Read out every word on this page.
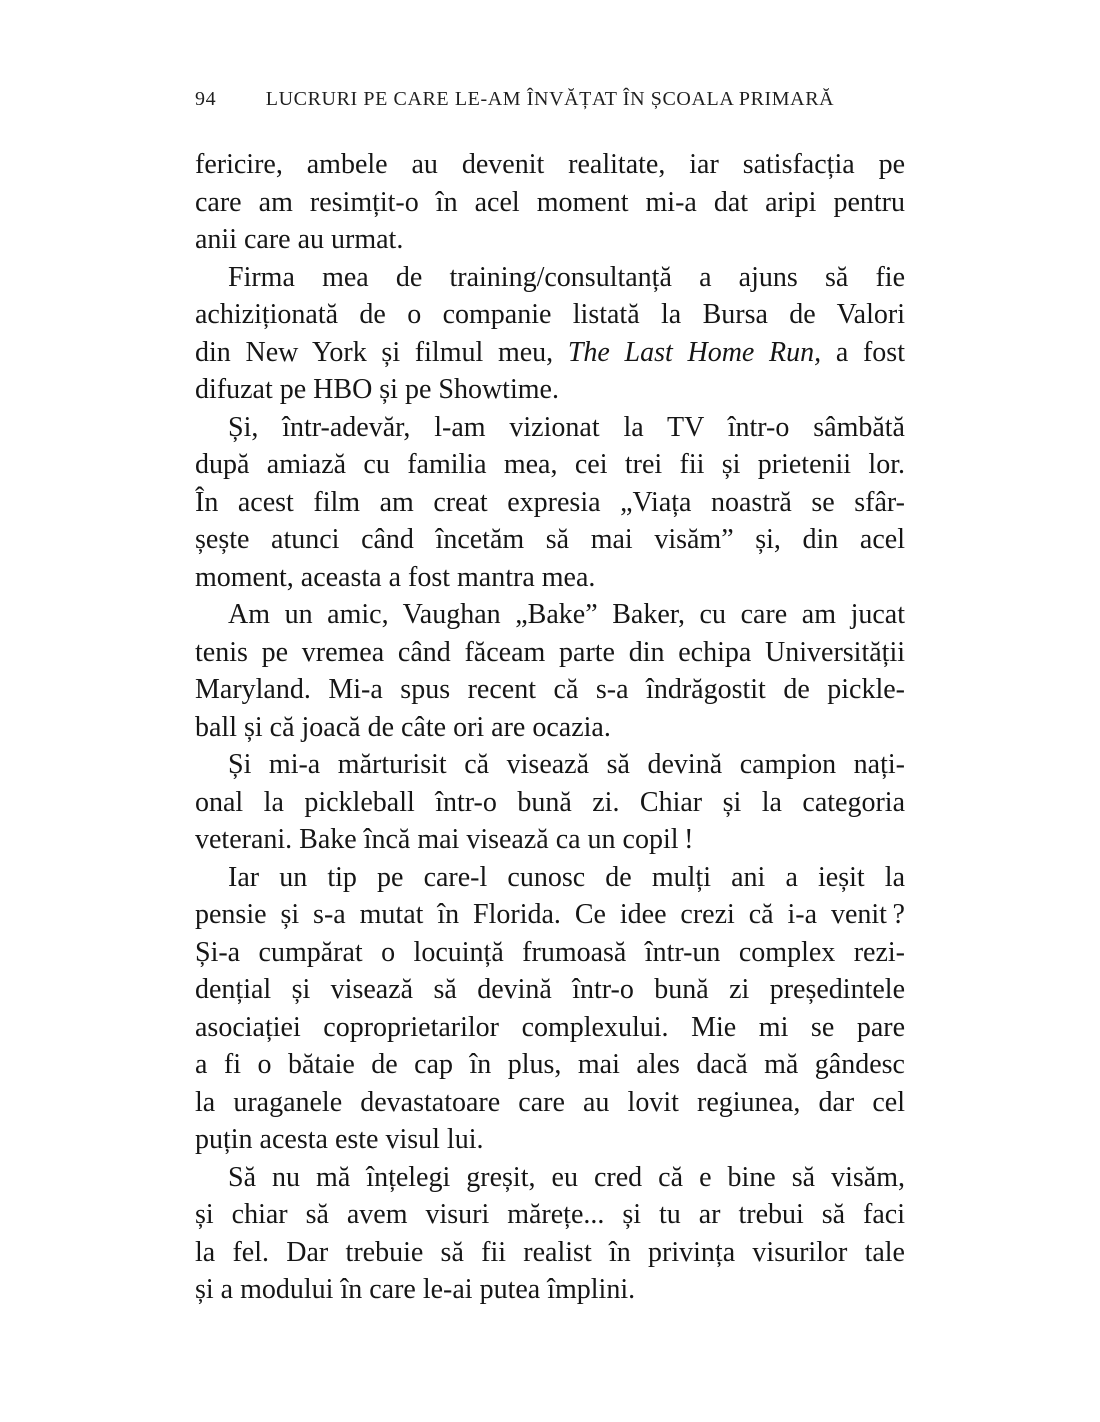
94	LUCRURI PE CARE LE-AM ÎNVĂȚAT ÎN ȘCOALA PRIMARĂ
fericire, ambele au devenit realitate, iar satisfacția pe
care am resimțit-o în acel moment mi-a dat aripi pentru
anii care au urmat.
Firma mea de training/consultanță a ajuns să fie
achiziționată de o companie listată la Bursa de Valori
din New York și filmul meu, The Last Home Run, a fost
difuzat pe HBO și pe Showtime.
Și, într-adevăr, l-am vizionat la TV într-o sâmbătă
după amiază cu familia mea, cei trei fii și prietenii lor.
În acest film am creat expresia „Viața noastră se sfâr-
șește atunci când încetăm să mai visăm” și, din acel
moment, aceasta a fost mantra mea.
Am un amic, Vaughan „Bake” Baker, cu care am jucat
tenis pe vremea când făceam parte din echipa Universității
Maryland. Mi-a spus recent că s-a îndrăgostit de pickle-
ball și că joacă de câte ori are ocazia.
Și mi-a mărturisit că visează să devină campion nați-
onal la pickleball într-o bună zi. Chiar și la categoria
veterani. Bake încă mai visează ca un copil !
Iar un tip pe care-l cunosc de mulți ani a ieșit la
pensie și s-a mutat în Florida. Ce idee crezi că i-a venit ?
Și-a cumpărat o locuință frumoasă într-un complex rezi-
dențial și visează să devină într-o bună zi președintele
asociației coproprietarilor complexului. Mie mi se pare
a fi o bătaie de cap în plus, mai ales dacă mă gândesc
la uraganele devastatoare care au lovit regiunea, dar cel
puțin acesta este visul lui.
Să nu mă înțelegi greșit, eu cred că e bine să visăm,
și chiar să avem visuri mărețe... și tu ar trebui să faci
la fel. Dar trebuie să fii realist în privința visurilor tale
și a modului în care le-ai putea împlini.
